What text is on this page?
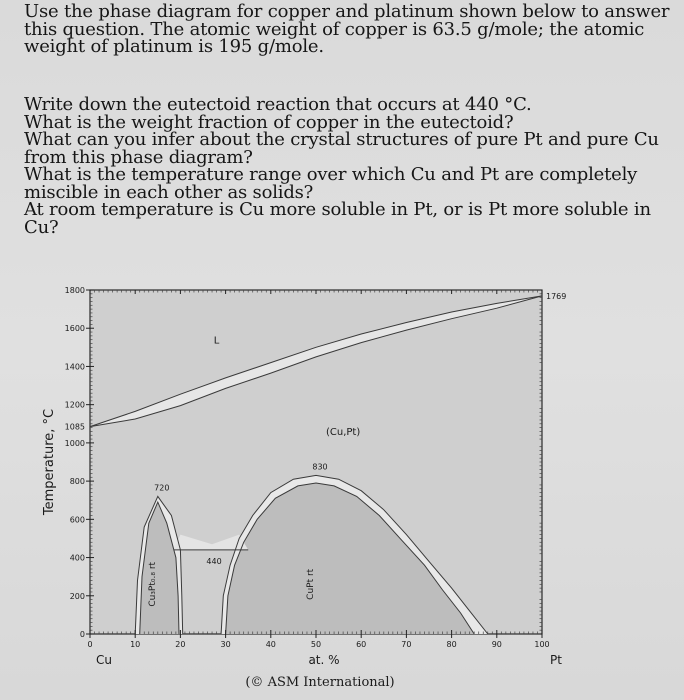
Use the phase diagram for copper and platinum shown below to answer
this question. The atomic weight of copper is 63.5 g/mole; the atomic
weight of platinum is 195 g/mole.

Write down the eutectoid reaction that occurs at 440 °C.
What is the weight fraction of copper in the eutectoid?
What can you infer about the crystal structures of pure Pt and pure Cu
from this phase diagram?
What is the temperature range over which Cu and Pt are completely
miscible in each other as solids?
At room temperature is Cu more soluble in Pt, or is Pt more soluble in Cu?

0
200
400
600
800
1000
1200
1400
1600
1800
1085
1769
0	10	20	30	40	50	60	70	80	90	100
L
(Cu,Pt)
720
Cu₃Pt₀.₈ rt
830
CuPt rt
440
Temperature, °C
at. %
Cu	Pt
(© ASM International)
